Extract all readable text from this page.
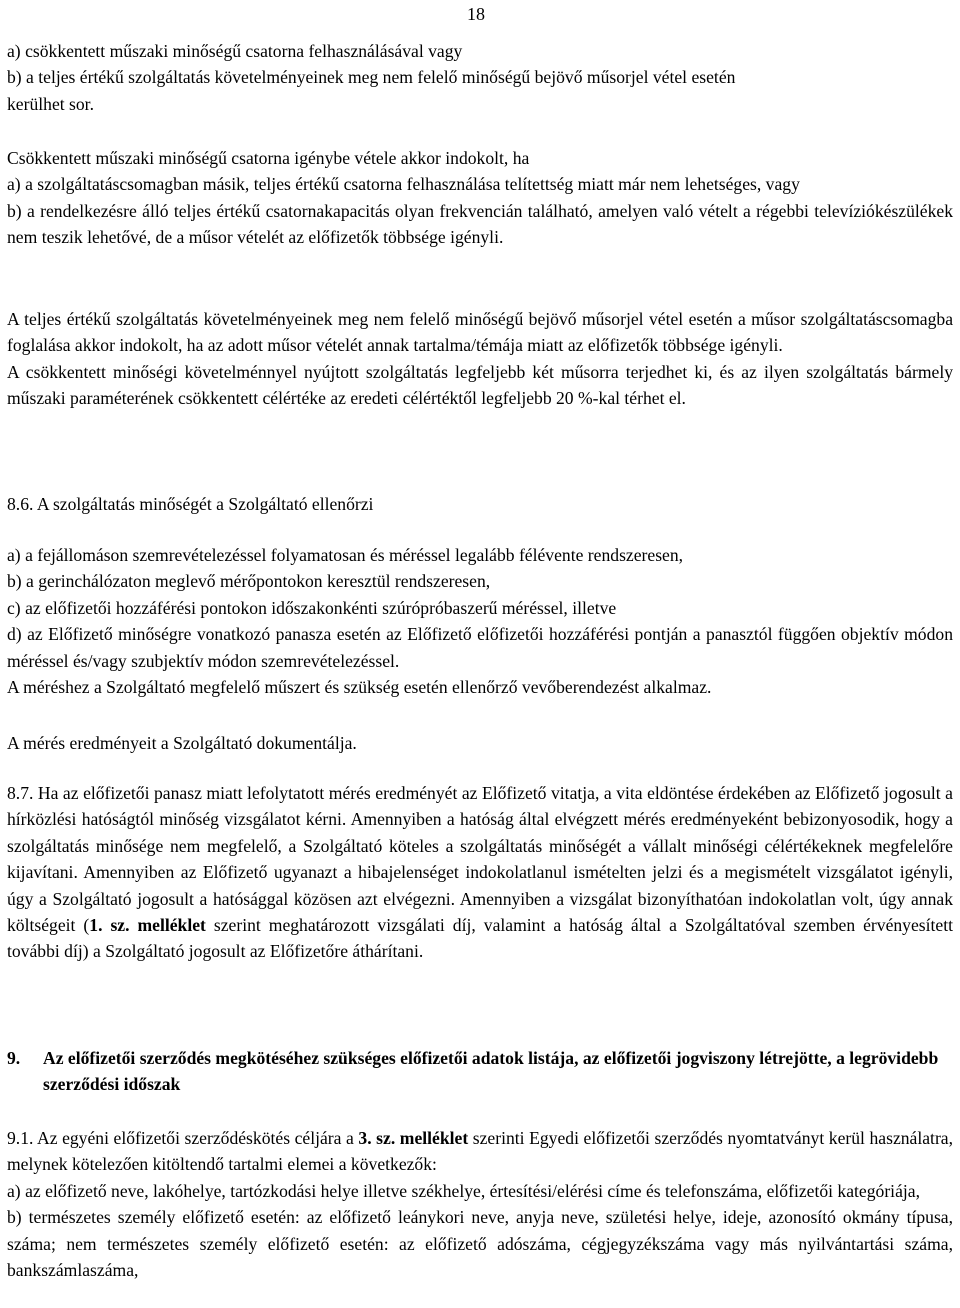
18

a) csökkentett műszaki minőségű csatorna felhasználásával vagy

b) a teljes értékű szolgáltatás követelményeinek meg nem felelő minőségű bejövő műsorjel vétel esetén

kerülhet sor.

Csökkentett műszaki minőségű csatorna igénybe vétele akkor indokolt, ha

a) a szolgáltatáscsomagban másik, teljes értékű csatorna felhasználása telítettség miatt már nem lehetséges, vagy

b) a rendelkezésre álló teljes értékű csatornakapacitás olyan frekvencián található, amelyen való vételt a régebbi televíziókészülékek nem teszik lehetővé, de a műsor vételét az előfizetők többsége igényli.

A teljes értékű szolgáltatás követelményeinek meg nem felelő minőségű bejövő műsorjel vétel esetén a műsor szolgáltatáscsomagba foglalása akkor indokolt, ha az adott műsor vételét annak tartalma/témája miatt az előfizetők többsége igényli.

A csökkentett minőségi követelménnyel nyújtott szolgáltatás legfeljebb két műsorra terjedhet ki, és az ilyen szolgáltatás bármely műszaki paraméterének csökkentett célértéke az eredeti célértéktől legfeljebb 20 %-kal térhet el.

8.6. A szolgáltatás minőségét a Szolgáltató ellenőrzi

a) a fejállomáson szemrevételezéssel folyamatosan és méréssel legalább félévente rendszeresen,

b) a gerinchálózaton meglevő mérőpontokon keresztül rendszeresen,

c) az előfizetői hozzáférési pontokon időszakonkénti szúrópróbaszerű méréssel, illetve

d) az Előfizető minőségre vonatkozó panasza esetén az Előfizető előfizetői hozzáférési pontján a panasztól függően objektív módon méréssel és/vagy szubjektív módon szemrevételezéssel.

A méréshez a Szolgáltató megfelelő műszert és szükség esetén ellenőrző vevőberendezést alkalmaz.

A mérés eredményeit a Szolgáltató dokumentálja.

8.7. Ha az előfizetői panasz miatt lefolytatott mérés eredményét az Előfizető vitatja, a vita eldöntése érdekében az Előfizető jogosult a hírközlési hatóságtól minőség vizsgálatot kérni. Amennyiben a hatóság által elvégzett mérés eredményeként bebizonyosodik, hogy a szolgáltatás minősége nem megfelelő, a Szolgáltató köteles a szolgáltatás minőségét a vállalt minőségi célértékeknek megfelelőre kijavítani. Amennyiben az Előfizető ugyanazt a hibajelenséget indokolatlanul ismételten jelzi és a megismételt vizsgálatot igényli, úgy a Szolgáltató jogosult a hatósággal közösen azt elvégezni. Amennyiben a vizsgálat bizonyíthatóan indokolatlan volt, úgy annak költségeit (1. sz. melléklet szerint meghatározott vizsgálati díj, valamint a hatóság által a Szolgáltatóval szemben érvényesített további díj) a Szolgáltató jogosult az Előfizetőre áthárítani.

9. Az előfizetői szerződés megkötéséhez szükséges előfizetői adatok listája, az előfizetői jogviszony létrejötte, a legrövidebb szerződési időszak

9.1. Az egyéni előfizetői szerződéskötés céljára a 3. sz. melléklet szerinti Egyedi előfizetői szerződés nyomtatványt kerül használatra, melynek kötelezően kitöltendő tartalmi elemei a következők:

a) az előfizető neve, lakóhelye, tartózkodási helye illetve székhelye, értesítési/elérési címe és telefonszáma, előfizetői kategóriája,

b) természetes személy előfizető esetén: az előfizető leánykori neve, anyja neve, születési helye, ideje, azonosító okmány típusa, száma; nem természetes személy előfizető esetén: az előfizető adószáma, cégjegyzékszáma vagy más nyilvántartási száma, bankszámlaszáma,
